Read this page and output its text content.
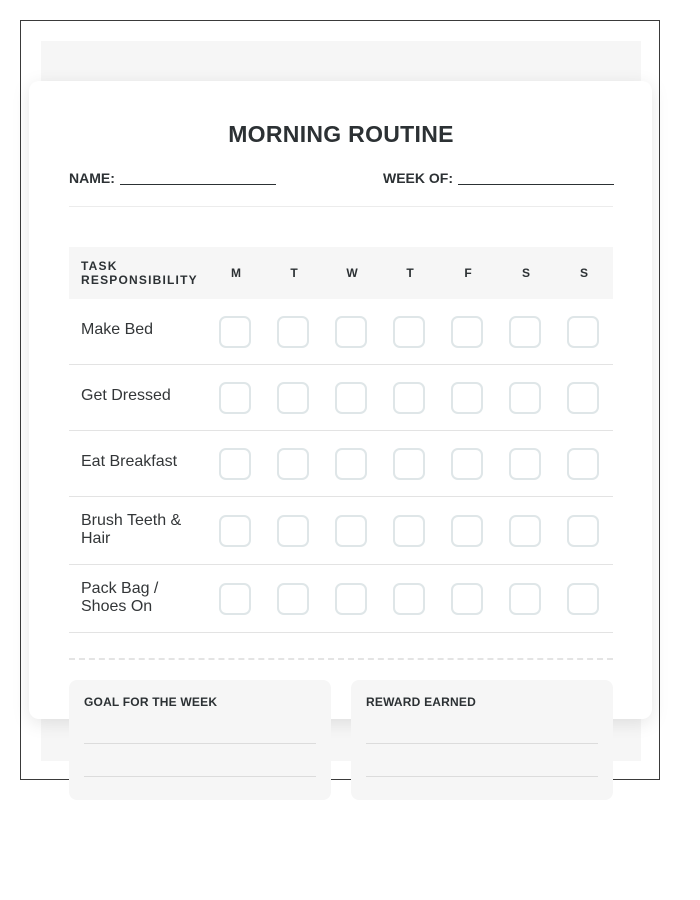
MORNING ROUTINE
NAME:	WEEK OF:
TASK
RESPONSIBILITY	M	T	W	T	F	S	S
Make Bed
Get Dressed
Eat Breakfast
Brush Teeth &
Hair
Pack Bag /
Shoes On
GOAL FOR THE WEEK	REWARD EARNED
